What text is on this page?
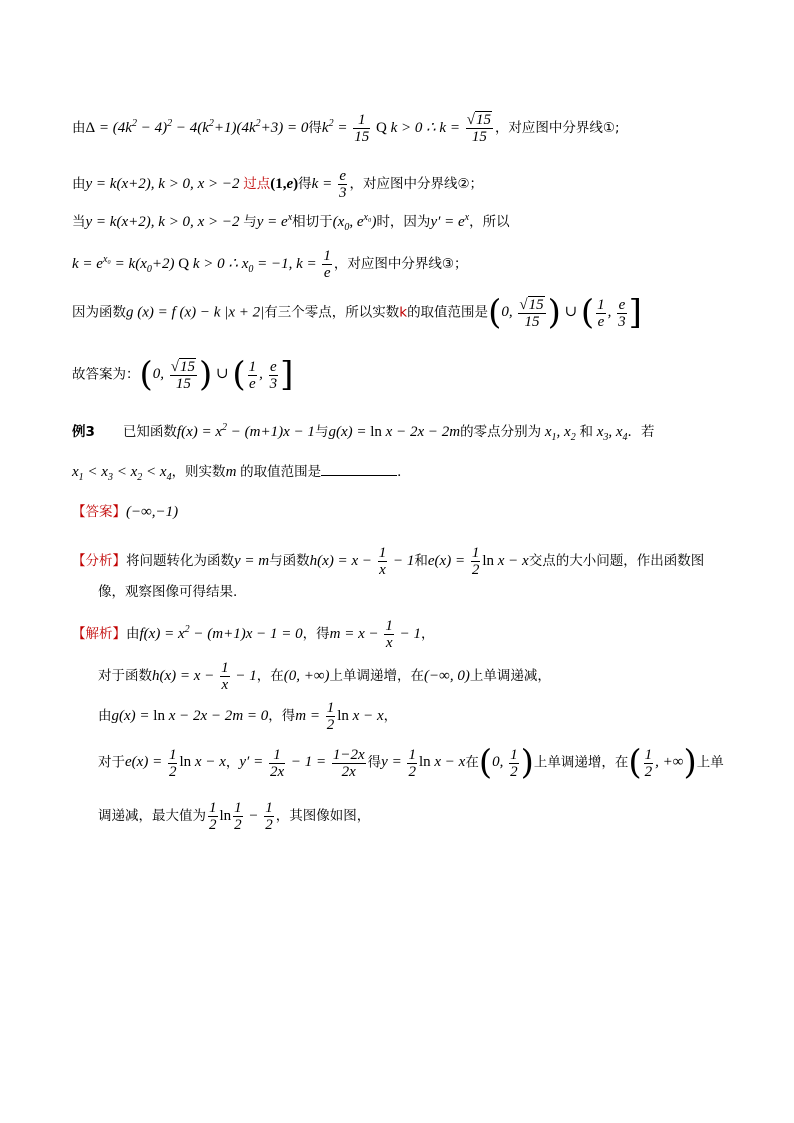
由$\Delta = (4k^2 - 4)^2 - 4(k^2+1)(4k^2+3) = 0$得$k^2 = \frac{1}{15}$ Q k > 0 ∴ $k = \frac{√15}{15}$ ，对应图中分界线①;
由y = k(x+2), k > 0, x > −2 过点(1,e)得$k = \frac{e}{3}$ ，对应图中分界线②；
当y = k(x+2), k > 0, x > −2 与$y = e^x$相切于($x_0$, $e^{x_0}$)时，因为$y' = e^x$，所以
$k = e^{x_0} = k(x_0+2)$ Q k > 0 ∴ $x_0 = -1$, $k = \frac{1}{e}$ ，对应图中分界线③；
因为函数g (x) = f (x) − k |x + 2|有三个零点，所以实数k的取值范围是(0, $\frac{√15}{15}$ ) ∪ ( $\frac{1}{e}$ , $\frac{e}{3}$ ]
故答案为：(0, $\frac{√15}{15}$ ) ∪ ( $\frac{1}{e}$ , $\frac{e}{3}$ ]
例3 已知函数$f(x) = x^2 - (m+1)x - 1$与g(x) = ln x − 2x − 2m的零点分别为 $x_1$, $x_2$ 和 $x_3$, $x_4$．若
$x_1 < x_3 < x_2 < x_4$，则实数m 的取值范围是	．
【答案】(−∞,−1)
【分析】将问题转化为函数y = m与函数$h(x) = x - \frac{1}{x} - 1$和$e(x) = \frac{1}{2}$ ln x − x交点的大小问题，作出函数图
像，观察图像可得结果.
【解析】由$f(x) = x^2 - (m+1)x - 1 = 0$，得$m = x - \frac{1}{x} - 1$，
对于函数$h(x) = x - \frac{1}{x} - 1$，在(0, +∞)上单调递增，在(−∞, 0)上单调递减，
由g(x) = ln x − 2x − 2m = 0，得$m = \frac{1}{2}$ ln x − x，
对于$e(x) = \frac{1}{2}$ ln x − x，$y' = \frac{1}{2x} - 1 = \frac{1-2x}{2x}$ 得$y = \frac{1}{2}$ ln x − x在(0, $\frac{1}{2}$ )上单调递增，在( $\frac{1}{2}$ , +∞)上单
调递减，最大值为 $\frac{1}{2}$ $\ln \frac{1}{2} - \frac{1}{2}$ ，其图像如图，
